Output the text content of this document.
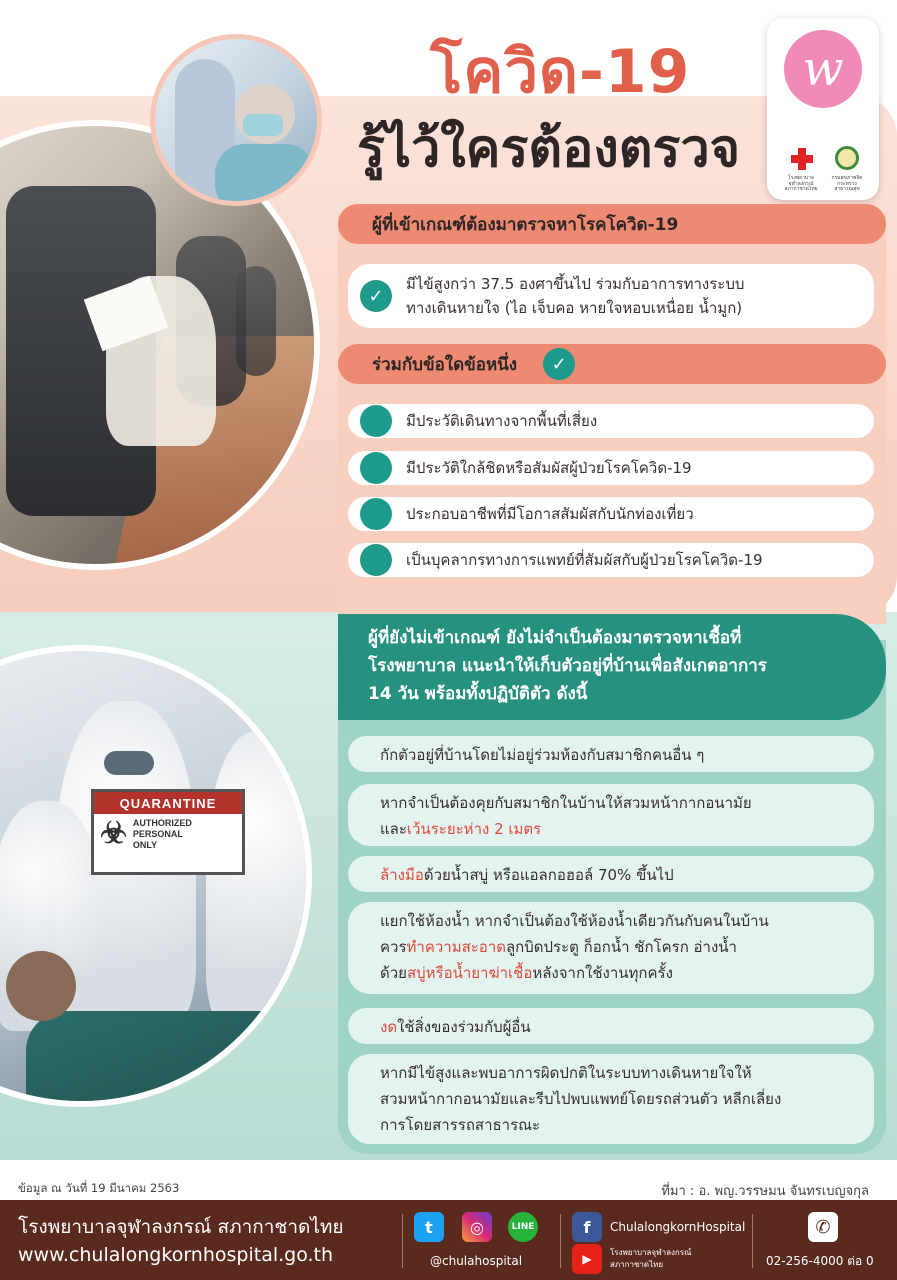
โควิด-19
รู้ไว้ใครต้องตรวจ
w
โรงพยาบาลจุฬาลงกรณ์ สภากาชาดไทย
กรมสุขภาพจิต กระทรวงสาธารณสุข
ผู้ที่เข้าเกณฑ์ต้องมาตรวจหาโรคโควิด-19
✓
มีไข้สูงกว่า 37.5 องศาขึ้นไป ร่วมกับอาการทางระบบ
ทางเดินหายใจ (ไอ เจ็บคอ หายใจหอบเหนื่อย น้ำมูก)
ร่วมกับข้อใดข้อหนึ่ง	✓
มีประวัติเดินทางจากพื้นที่เสี่ยง
มีประวัติใกล้ชิดหรือสัมผัสผู้ป่วยโรคโควิด-19
ประกอบอาชีพที่มีโอกาสสัมผัสกับนักท่องเที่ยว
เป็นบุคลากรทางการแพทย์ที่สัมผัสกับผู้ป่วยโรคโควิด-19
QUARANTINE
☣ AUTHORIZED
PERSONAL
ONLY
ผู้ที่ยังไม่เข้าเกณฑ์ ยังไม่จำเป็นต้องมาตรวจหาเชื้อที่
โรงพยาบาล แนะนำให้เก็บตัวอยู่ที่บ้านเพื่อสังเกตอาการ
14 วัน พร้อมทั้งปฏิบัติตัว ดังนี้
กักตัวอยู่ที่บ้านโดยไม่อยู่ร่วมห้องกับสมาชิกคนอื่น ๆ
หากจำเป็นต้องคุยกับสมาชิกในบ้านให้สวมหน้ากากอนามัย
และเว้นระยะห่าง 2 เมตร
ล้างมือด้วยน้ำสบู่ หรือแอลกอฮอล์ 70% ขึ้นไป
แยกใช้ห้องน้ำ หากจำเป็นต้องใช้ห้องน้ำเดียวกันกับคนในบ้าน
ควรทำความสะอาดลูกบิดประตู ก็อกน้ำ ชักโครก อ่างน้ำ
ด้วยสบู่หรือน้ำยาฆ่าเชื้อหลังจากใช้งานทุกครั้ง
งดใช้สิ่งของร่วมกับผู้อื่น
หากมีไข้สูงและพบอาการผิดปกติในระบบทางเดินหายใจให้
สวมหน้ากากอนามัยและรีบไปพบแพทย์โดยรถส่วนตัว หลีกเลี่ยง
การโดยสารรถสาธารณะ
ข้อมูล ณ วันที่ 19 มีนาคม 2563	ที่มา : อ. พญ.วรรษมน จันทรเบญจกุล
โรงพยาบาลจุฬาลงกรณ์ สภากาชาดไทย
www.chulalongkornhospital.go.th
t	◎	LINE
@chulahospital
f	ChulalongkornHospital
▶	โรงพยาบาลจุฬาลงกรณ์
สภากาชาดไทย
✆
02-256-4000 ต่อ 0
